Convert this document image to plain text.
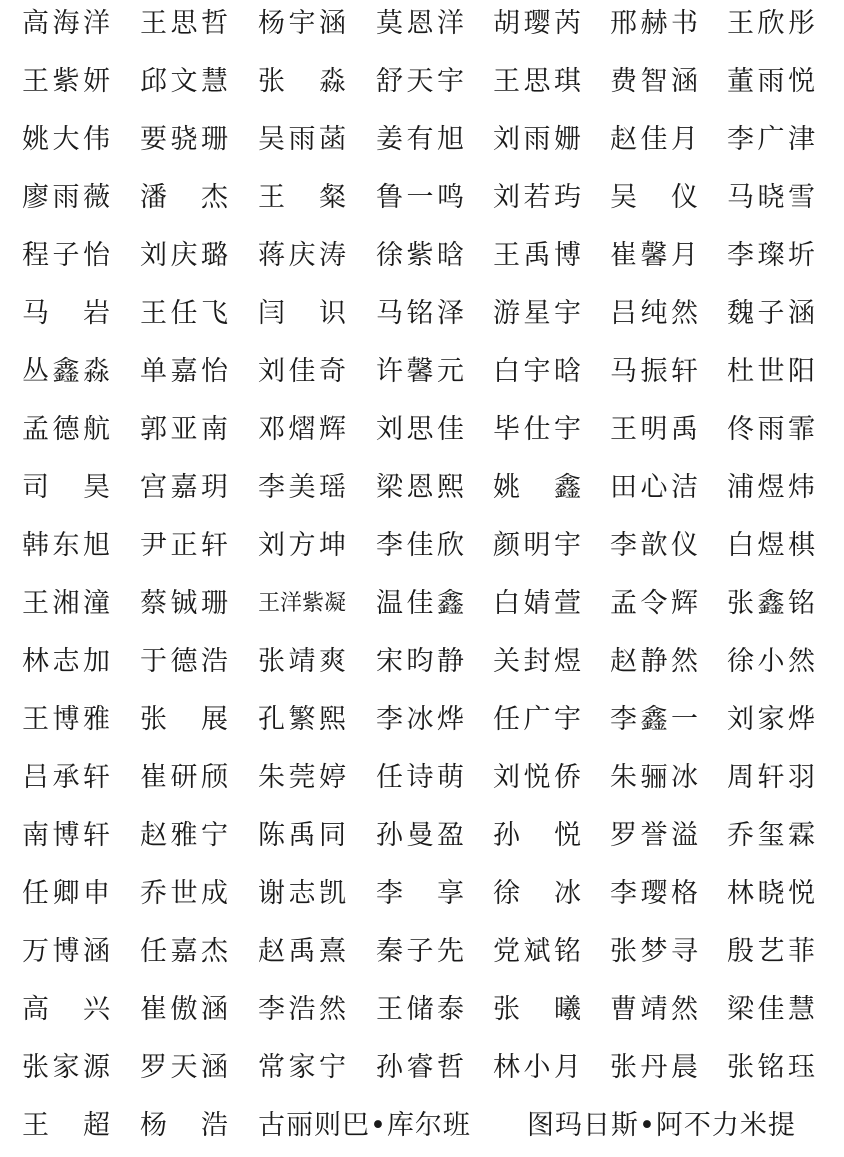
高 海 洋 王 思 哲 杨 宇 涵 莫 恩 洋 胡 璎 芮 邢 赫 书 王 欣 彤
王 紫 妍 邱 文 慧 张 淼 舒 天 宇 王 思 琪 费 智 涵 董 雨 悦
姚 大 伟 要 骁 珊 吴 雨 菡 姜 有 旭 刘 雨 姗 赵 佳 月 李 广 津
廖 雨 薇 潘 杰 王 粲 鲁 一 鸣 刘 若 玙 吴 仪 马 晓 雪
程 子 怡 刘 庆 璐 蒋 庆 涛 徐 紫 晗 王 禹 博 崔 馨 月 李 璨 圻
马 岩 王 任 飞 闫 识 马 铭 泽 游 星 宇 吕 纯 然 魏 子 涵
丛 鑫 淼 单 嘉 怡 刘 佳 奇 许 馨 元 白 宇 晗 马 振 轩 杜 世 阳
孟 德 航 郭 亚 南 邓 熠 辉 刘 思 佳 毕 仕 宇 王 明 禹 佟 雨 霏
司 昊 宫 嘉 玥 李 美 瑶 梁 恩 熙 姚 鑫 田 心 洁 浦 煜 炜
韩 东 旭 尹 正 轩 刘 方 坤 李 佳 欣 颜 明 宇 李 歆 仪 白 煜 棋
王 湘 潼 蔡 铖 珊 王洋紫凝 温 佳 鑫 白 婧 萱 孟 令 辉 张 鑫 铭
林 志 加 于 德 浩 张 靖 爽 宋 昀 静 关 封 煜 赵 静 然 徐 小 然
王 博 雅 张 展 孔 繁 熙 李 冰 烨 任 广 宇 李 鑫 一 刘 家 烨
吕 承 轩 崔 研 颀 朱 莞 婷 任 诗 萌 刘 悦 侨 朱 骊 冰 周 轩 羽
南 博 轩 赵 雅 宁 陈 禹 同 孙 曼 盈 孙 悦 罗 誉 溢 乔 玺 霖
任 卿 申 乔 世 成 谢 志 凯 李 享 徐 冰 李 璎 格 林 晓 悦
万 博 涵 任 嘉 杰 赵 禹 熹 秦 子 先 党 斌 铭 张 梦 寻 殷 艺 菲
高 兴 崔 傲 涵 李 浩 然 王 储 泰 张 曦 曹 靖 然 梁 佳 慧
张 家 源 罗 天 涵 常 家 宁 孙 睿 哲 林 小 月 张 丹 晨 张 铭 珏
王 超 杨 浩 古丽则巴•库尔班	图玛日斯•阿不力米提
